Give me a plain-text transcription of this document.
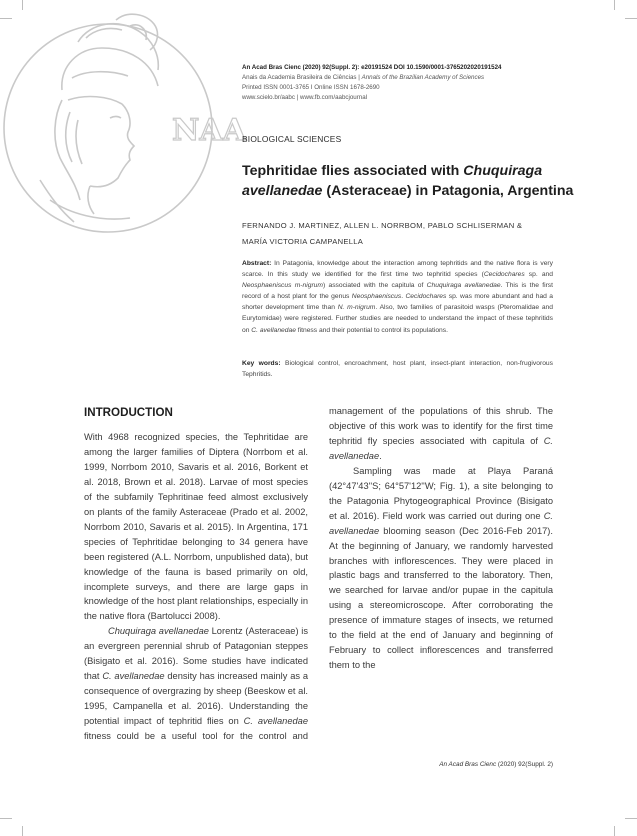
NAA
An Acad Bras Cienc (2020) 92(Suppl. 2): e20191524 DOI 10.1590/0001-3765202020191524
Anais da Academia Brasileira de Ciências | Annals of the Brazilian Academy of Sciences
Printed ISSN 0001-3765 I Online ISSN 1678-2690
www.scielo.br/aabc | www.fb.com/aabcjournal
BIOLOGICAL SCIENCES
Tephritidae flies associated with Chuquiraga avellanedae (Asteraceae) in Patagonia, Argentina
FERNANDO J. MARTINEZ, ALLEN L. NORRBOM, PABLO SCHLISERMAN &
MARÍA VICTORIA CAMPANELLA
Abstract: In Patagonia, knowledge about the interaction among tephritids and the native flora is very scarce. In this study we identified for the first time two tephritid species (Cecidochares sp. and Neosphaeniscus m-nigrum) associated with the capitula of Chuquiraga avellanedae. This is the first record of a host plant for the genus Neosphaeniscus. Cecidochares sp. was more abundant and had a shorter development time than N. m-nigrum. Also, two families of parasitoid wasps (Pteromalidae and Eurytomidae) were registered. Further studies are needed to understand the impact of these tephritids on C. avellanedae fitness and their potential to control its populations.
Key words: Biological control, encroachment, host plant, insect-plant interaction, non-frugivorous Tephritids.
INTRODUCTION

With 4968 recognized species, the Tephritidae are among the larger families of Diptera (Norrbom et al. 1999, Norrbom 2010, Savaris et al. 2016, Borkent et al. 2018, Brown et al. 2018). Larvae of most species of the subfamily Tephritinae feed almost exclusively on plants of the family Asteraceae (Prado et al. 2002, Norrbom 2010, Savaris et al. 2015). In Argentina, 171 species of Tephritidae belonging to 34 genera have been registered (A.L. Norrbom, unpublished data), but knowledge of the fauna is based primarily on old, incomplete surveys, and there are large gaps in knowledge of the host plant relationships, especially in the native flora (Bartolucci 2008).

Chuquiraga avellanedae Lorentz (Asteraceae) is an evergreen perennial shrub of Patagonian steppes (Bisigato et al. 2016). Some studies have indicated that C. avellanedae density has increased mainly as a consequence of overgrazing by sheep (Beeskow et al. 1995, Campanella et al. 2016). Understanding the potential impact of tephritid flies on C. avellanedae fitness could be a useful tool for the control and

management of the populations of this shrub. The objective of this work was to identify for the first time tephritid fly species associated with capitula of C. avellanedae.

Sampling was made at Playa Paraná (42°47'43''S; 64°57'12''W; Fig. 1), a site belonging to the Patagonia Phytogeographical Province (Bisigato et al. 2016). Field work was carried out during one C. avellanedae blooming season (Dec 2016-Feb 2017). At the beginning of January, we randomly harvested branches with inflorescences. They were placed in plastic bags and transferred to the laboratory. Then, we searched for larvae and/or pupae in the capitula using a stereomicroscope. After corroborating the presence of immature stages of insects, we returned to the field at the end of January and beginning of February to collect inflorescences and transferred them to the

An Acad Bras Cienc (2020) 92(Suppl. 2)
